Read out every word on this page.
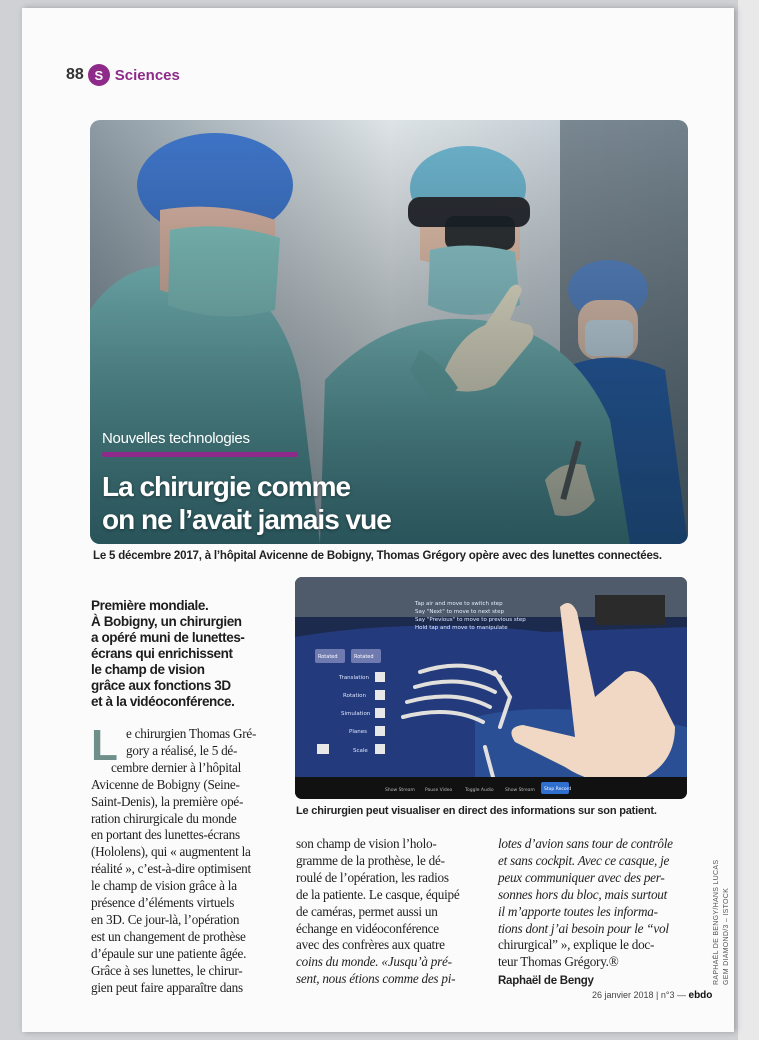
88 S Sciences
Nouvelles technologies
La chirurgie comme
on ne l’avait jamais vue
Le 5 décembre 2017, à l’hôpital Avicenne de Bobigny, Thomas Grégory opère avec des lunettes connectées.
Tap air and move to switch step
Say "Next" to move to next step
Say "Previous" to move to previous step
Hold tap and move to manipulate
Rotated	Rotated
Translation
Rotation
Simulation
Planes
Scale
Show Stream Pause Video	Toggle Audio	Show Stream Stop Record
Le chirurgien peut visualiser en direct des informations sur son patient.
Première mondiale.
À Bobigny, un chirurgien
a opéré muni de lunettes-
écrans qui enrichissent
le champ de vision
grâce aux fonctions 3D
et à la vidéoconférence.
L e chirurgien Thomas Gré-
gory a réalisé, le 5 dé-
cembre dernier à l’hôpital
Avicenne de Bobigny (Seine-
Saint-Denis), la première opé-
ration chirurgicale du monde
en portant des lunettes-écrans
(Hololens), qui « augmentent la
réalité », c’est-à-dire optimisent
le champ de vision grâce à la
présence d’éléments virtuels
en 3D. Ce jour-là, l’opération
est un changement de prothèse
d’épaule sur une patiente âgée.
Grâce à ses lunettes, le chirur-
gien peut faire apparaître dans
son champ de vision l’holo-
gramme de la prothèse, le dé-
roulé de l’opération, les radios
de la patiente. Le casque, équipé
de caméras, permet aussi un
échange en vidéoconférence
avec des confrères aux quatre
coins du monde. «Jusqu’à pré-
sent, nous étions comme des pi-
lotes d’avion sans tour de contrôle
et sans cockpit. Avec ce casque, je
peux communiquer avec des per-
sonnes hors du bloc, mais surtout
il m’apporte toutes les informa-
tions dont j’ai besoin pour le “vol
chirurgical” », explique le doc-
teur Thomas Grégory.®
Raphaël de Bengy
26 janvier 2018 | n°3 — ebdo
RAPHAËL DE BENGY/HANS LUCAS GEM DIAMOND/3 – ISTOCK
